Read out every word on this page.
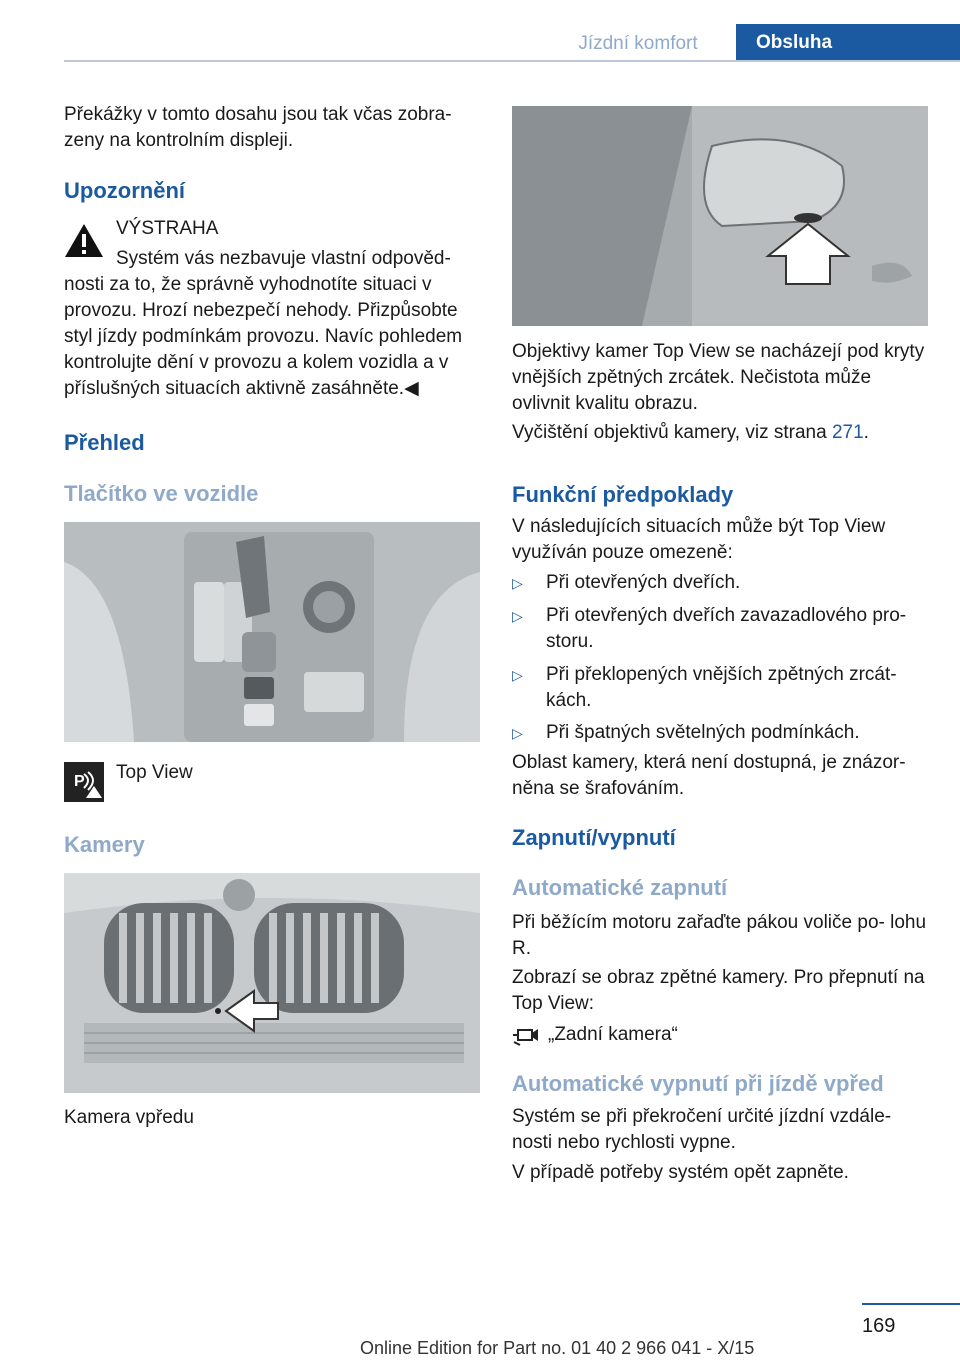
Jízdní komfort	Obsluha
Překážky v tomto dosahu jsou tak včas zobra‐ zeny na kontrolním displeji.
Upozornění
VÝSTRAHA
Systém vás nezbavuje vlastní odpověd‐ nosti za to, že správně vyhodnotíte situaci v provozu. Hrozí nebezpečí nehody. Přizpůsobte styl jízdy podmínkám provozu. Navíc pohledem kontrolujte dění v provozu a kolem vozidla a v příslušných situacích aktivně zasáhněte.◀
Přehled
Tlačítko ve vozidle
P Top View
Kamery
Kamera vpředu
Objektivy kamer Top View se nacházejí pod kryty vnějších zpětných zrcátek. Nečistota může ovlivnit kvalitu obrazu.
Vyčištění objektivů kamery, viz strana 271.
Funkční předpoklady
V následujících situacích může být Top View využíván pouze omezeně:
▷ Při otevřených dveřích.
▷ Při otevřených dveřích zavazadlového pro‐ storu.
▷ Při překlopených vnějších zpětných zrcát‐ kách.
▷ Při špatných světelných podmínkách.
Oblast kamery, která není dostupná, je znázor‐ něna se šrafováním.
Zapnutí/vypnutí
Automatické zapnutí
Při běžícím motoru zařaďte pákou voliče po‐ lohu R.
Zobrazí se obraz zpětné kamery. Pro přepnutí na Top View:
„Zadní kamera“
Automatické vypnutí při jízdě vpřed
Systém se při překročení určité jízdní vzdále‐ nosti nebo rychlosti vypne.
V případě potřeby systém opět zapněte.
169
Online Edition for Part no. 01 40 2 966 041 - X/15
